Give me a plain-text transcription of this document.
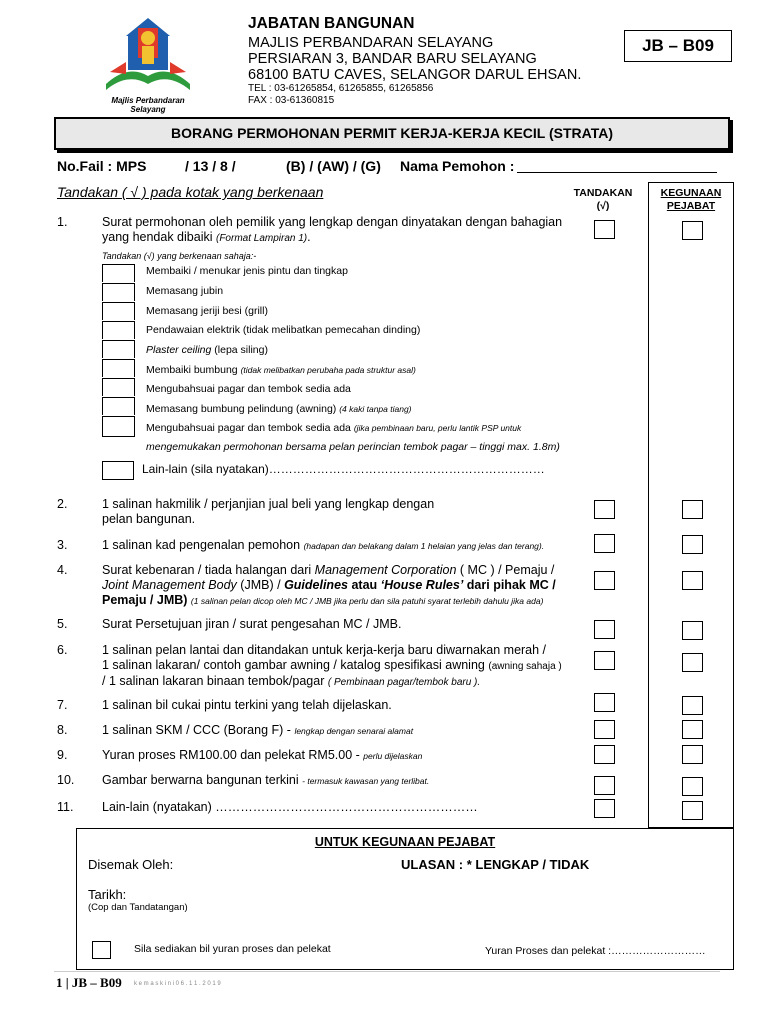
Majlis Perbandaran Selayang
JABATAN BANGUNAN
MAJLIS PERBANDARAN SELAYANG
PERSIARAN 3, BANDAR BARU SELAYANG
68100 BATU CAVES, SELANGOR DARUL EHSAN.
TEL : 03-61265854, 61265855, 61265856
FAX : 03-61360815
JB – B09
BORANG PERMOHONAN PERMIT KERJA-KERJA KECIL (STRATA)
No.Fail : MPS	/ 13 / 8 /	(B) / (AW) / (G) Nama Pemohon :
Tandakan ( √ ) pada kotak yang berkenaan	TANDAKAN
(√)
KEGUNAAN
PEJABAT
1.	Surat permohonan oleh pemilik yang lengkap dengan dinyatakan dengan bahagian
yang hendak dibaiki (Format Lampiran 1).
Tandakan (√) yang berkenaan sahaja:-
Membaiki / menukar jenis pintu dan tingkap
Memasang jubin
Memasang jeriji besi (grill)
Pendawaian elektrik (tidak melibatkan pemecahan dinding)
Plaster ceiling (lepa siling)
Membaiki bumbung (tidak melibatkan perubaha pada struktur asal)
Mengubahsuai pagar dan tembok sedia ada
Memasang bumbung pelindung (awning) (4 kaki tanpa tiang)
Mengubahsuai pagar dan tembok sedia ada (jika pembinaan baru, perlu lantik PSP untuk
mengemukakan permohonan bersama pelan perincian tembok pagar – tinggi max. 1.8m)
Lain-lain (sila nyatakan)……………………………………………………………
2.	1 salinan hakmilik / perjanjian jual beli yang lengkap dengan
pelan bangunan.
3.	1 salinan kad pengenalan pemohon (hadapan dan belakang dalam 1 helaian yang jelas dan terang).
4.	Surat kebenaran / tiada halangan dari Management Corporation ( MC ) / Pemaju /
Joint Management Body (JMB) / Guidelines atau ‘House Rules’ dari pihak MC /
Pemaju / JMB) (1 salinan pelan dicop oleh MC / JMB jika perlu dan sila patuhi syarat terlebih dahulu jika ada)
5.	Surat Persetujuan jiran / surat pengesahan MC / JMB.
6.	1 salinan pelan lantai dan ditandakan untuk kerja-kerja baru diwarnakan merah /
1 salinan lakaran/ contoh gambar awning / katalog spesifikasi awning (awning sahaja )
/ 1 salinan lakaran binaan tembok/pagar ( Pembinaan pagar/tembok baru ).
7.	1 salinan bil cukai pintu terkini yang telah dijelaskan.
8.	1 salinan SKM / CCC (Borang F) - lengkap dengan senarai alamat
9.	Yuran proses RM100.00 dan pelekat RM5.00 - perlu dijelaskan
10. Gambar berwarna bangunan terkini - termasuk kawasan yang terlibat.
11. Lain-lain (nyatakan) ………………………………………………………
UNTUK KEGUNAAN PEJABAT
Disemak Oleh:	ULASAN : * LENGKAP / TIDAK
Tarikh:
(Cop dan Tandatangan)
Sila sediakan bil yuran proses dan pelekat	Yuran Proses dan pelekat :………………………
1 | JB – B09 k e m a s k i n i 0 6 . 1 1 . 2 0 1 9
